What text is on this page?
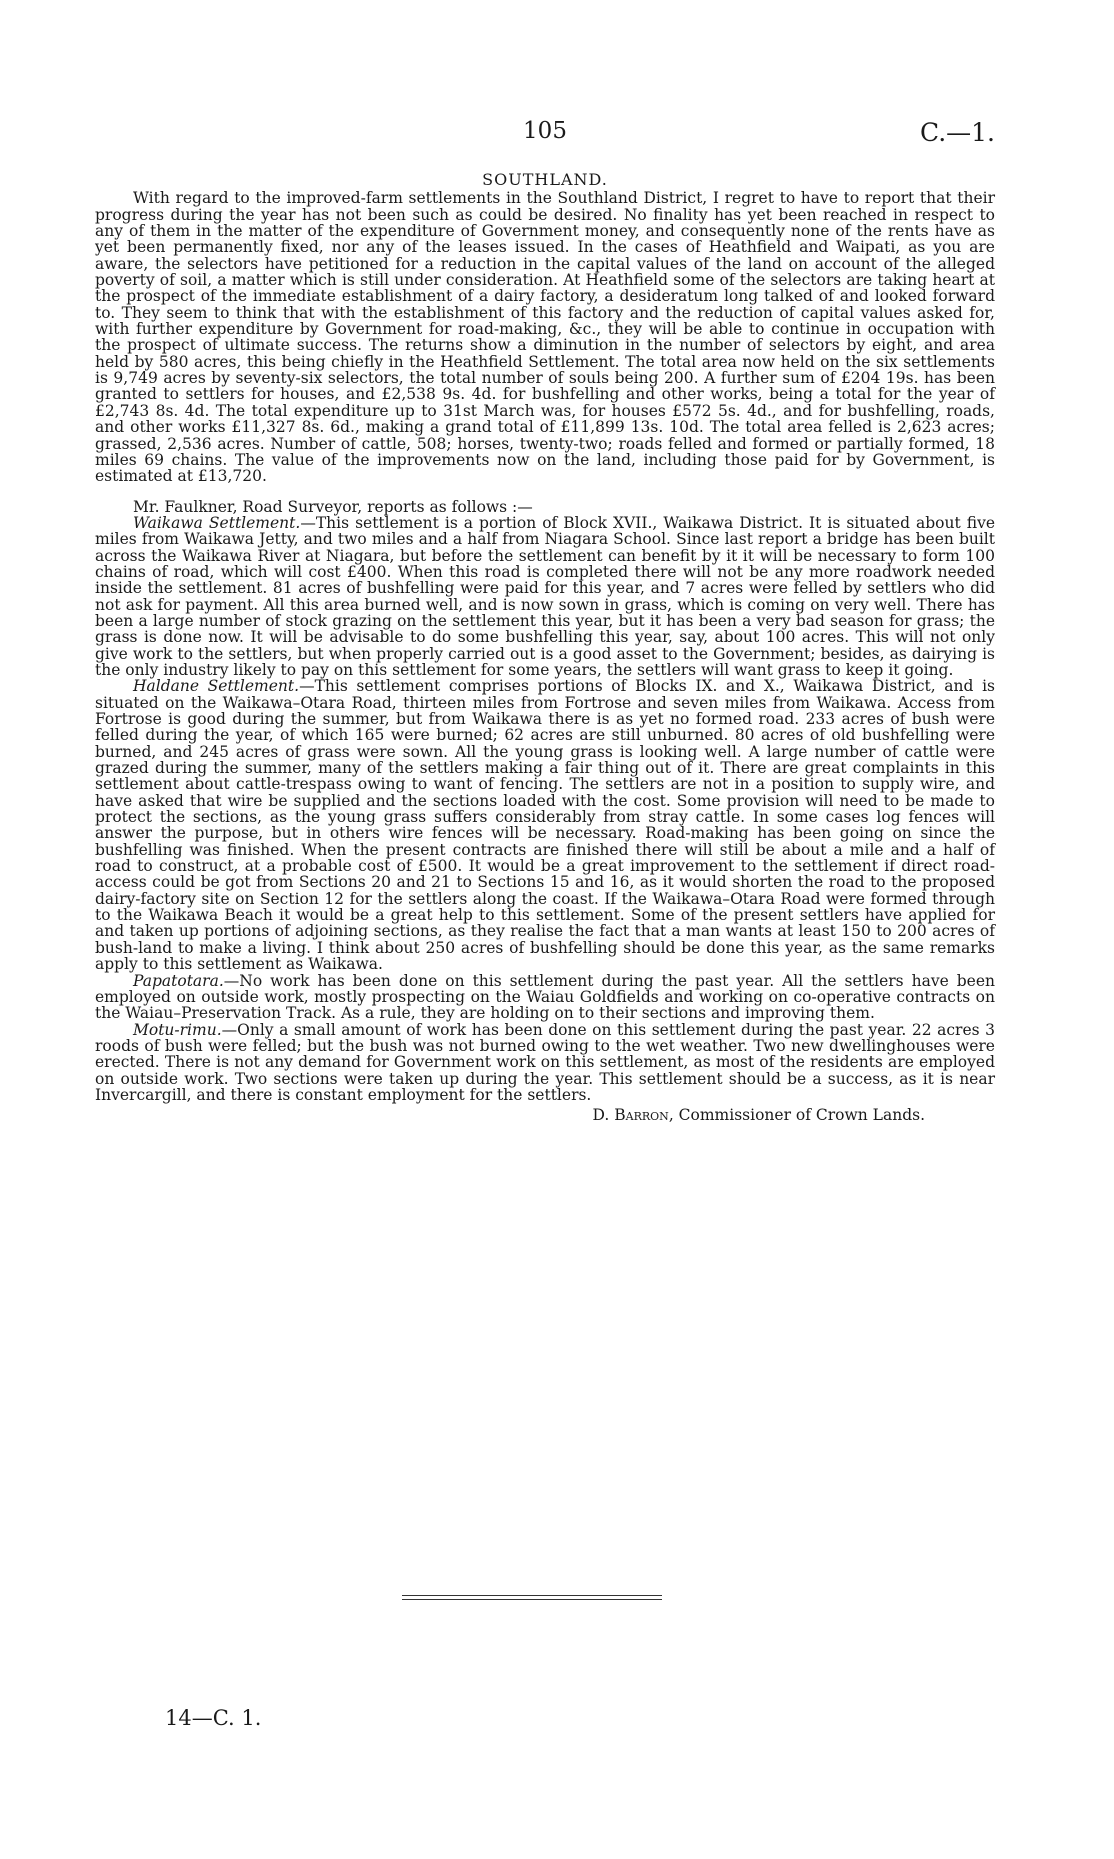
105	C.—1.
SOUTHLAND.

With regard to the improved-farm settlements in the Southland District, I regret to have to report that their progress during the year has not been such as could be desired. No finality has yet been reached in respect to any of them in the matter of the expenditure of Government money, and consequently none of the rents have as yet been permanently fixed, nor any of the leases issued. In the cases of Heathfield and Waipati, as you are aware, the selectors have petitioned for a reduction in the capital values of the land on account of the alleged poverty of soil, a matter which is still under consideration. At Heathfield some of the selectors are taking heart at the prospect of the immediate establishment of a dairy factory, a desideratum long talked of and looked forward to. They seem to think that with the establishment of this factory and the reduction of capital values asked for, with further expenditure by Government for road-making, &c., they will be able to continue in occupation with the prospect of ultimate success. The returns show a diminution in the number of selectors by eight, and area held by 580 acres, this being chiefly in the Heathfield Settlement. The total area now held on the six settlements is 9,749 acres by seventy-six selectors, the total number of souls being 200. A further sum of £204 19s. has been granted to settlers for houses, and £2,538 9s. 4d. for bushfelling and other works, being a total for the year of £2,743 8s. 4d. The total expenditure up to 31st March was, for houses £572 5s. 4d., and for bushfelling, roads, and other works £11,327 8s. 6d., making a grand total of £11,899 13s. 10d. The total area felled is 2,623 acres; grassed, 2,536 acres. Number of cattle, 508; horses, twenty-two; roads felled and formed or partially formed, 18 miles 69 chains. The value of the improvements now on the land, including those paid for by Government, is estimated at £13,720.

Mr. Faulkner, Road Surveyor, reports as follows :—

Waikawa Settlement.—This settlement is a portion of Block XVII., Waikawa District. It is situated about five miles from Waikawa Jetty, and two miles and a half from Niagara School. Since last report a bridge has been built across the Waikawa River at Niagara, but before the settlement can benefit by it it will be necessary to form 100 chains of road, which will cost £400. When this road is completed there will not be any more roadwork needed inside the settlement. 81 acres of bushfelling were paid for this year, and 7 acres were felled by settlers who did not ask for payment. All this area burned well, and is now sown in grass, which is coming on very well. There has been a large number of stock grazing on the settlement this year, but it has been a very bad season for grass; the grass is done now. It will be advisable to do some bushfelling this year, say, about 100 acres. This will not only give work to the settlers, but when properly carried out is a good asset to the Government; besides, as dairying is the only industry likely to pay on this settlement for some years, the settlers will want grass to keep it going.

Haldane Settlement.—This settlement comprises portions of Blocks IX. and X., Waikawa District, and is situated on the Waikawa–Otara Road, thirteen miles from Fortrose and seven miles from Waikawa. Access from Fortrose is good during the summer, but from Waikawa there is as yet no formed road. 233 acres of bush were felled during the year, of which 165 were burned; 62 acres are still unburned. 80 acres of old bushfelling were burned, and 245 acres of grass were sown. All the young grass is looking well. A large number of cattle were grazed during the summer, many of the settlers making a fair thing out of it. There are great complaints in this settlement about cattle-trespass owing to want of fencing. The settlers are not in a position to supply wire, and have asked that wire be supplied and the sections loaded with the cost. Some provision will need to be made to protect the sections, as the young grass suffers considerably from stray cattle. In some cases log fences will answer the purpose, but in others wire fences will be necessary. Road-making has been going on since the bushfelling was finished. When the present contracts are finished there will still be about a mile and a half of road to construct, at a probable cost of £500. It would be a great improvement to the settlement if direct road-access could be got from Sections 20 and 21 to Sections 15 and 16, as it would shorten the road to the proposed dairy-factory site on Section 12 for the settlers along the coast. If the Waikawa–Otara Road were formed through to the Waikawa Beach it would be a great help to this settlement. Some of the present settlers have applied for and taken up portions of adjoining sections, as they realise the fact that a man wants at least 150 to 200 acres of bush-land to make a living. I think about 250 acres of bushfelling should be done this year, as the same remarks apply to this settlement as Waikawa.

Papatotara.—No work has been done on this settlement during the past year. All the settlers have been employed on outside work, mostly prospecting on the Waiau Goldfields and working on co-operative contracts on the Waiau–Preservation Track. As a rule, they are holding on to their sections and improving them.

Motu-rimu.—Only a small amount of work has been done on this settlement during the past year. 22 acres 3 roods of bush were felled; but the bush was not burned owing to the wet weather. Two new dwellinghouses were erected. There is not any demand for Government work on this settlement, as most of the residents are employed on outside work. Two sections were taken up during the year. This settlement should be a success, as it is near Invercargill, and there is constant employment for the settlers.

D. Barron, Commissioner of Crown Lands.
14—C. 1.
